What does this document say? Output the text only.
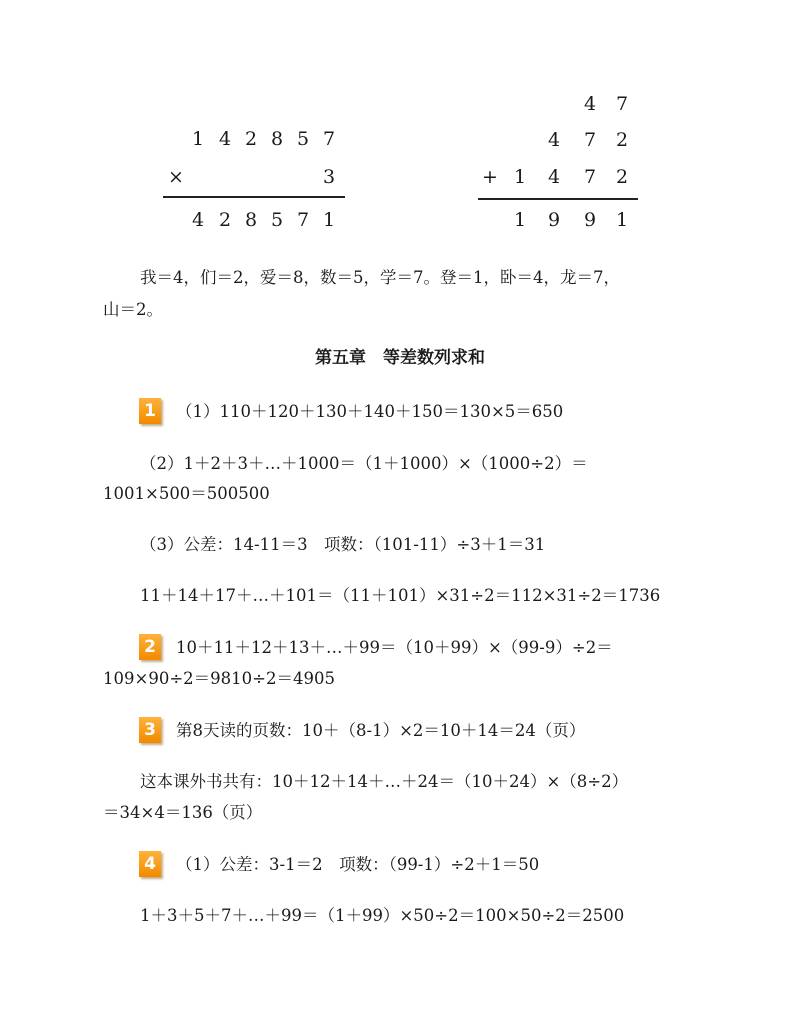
1 4 2 8 5 7
×	3
4 2 8 5 7 1
4 7
4 7 2
+ 1 4 7 2
1 9 9 1
我＝4，们＝2，爱＝8，数＝5，学＝7。登＝1，卧＝4，龙＝7，
山＝2。
第五章　等差数列求和
1	（1）110＋120＋130＋140＋150＝130×5＝650
（2）1＋2＋3＋…＋1000＝（1＋1000）×（1000÷2）＝
1001×500＝500500
（3）公差：14-11＝3　项数：（101-11）÷3＋1＝31
11＋14＋17＋…＋101＝（11＋101）×31÷2＝112×31÷2＝1736
2	10＋11＋12＋13＋…＋99＝（10＋99）×（99-9）÷2＝
109×90÷2＝9810÷2＝4905
3	第8天读的页数：10＋（8-1）×2＝10＋14＝24（页）
这本课外书共有：10＋12＋14＋…＋24＝（10＋24）×（8÷2）
＝34×4＝136（页）
4	（1）公差：3-1＝2　项数：（99-1）÷2＋1＝50
1＋3＋5＋7＋…＋99＝（1＋99）×50÷2＝100×50÷2＝2500
